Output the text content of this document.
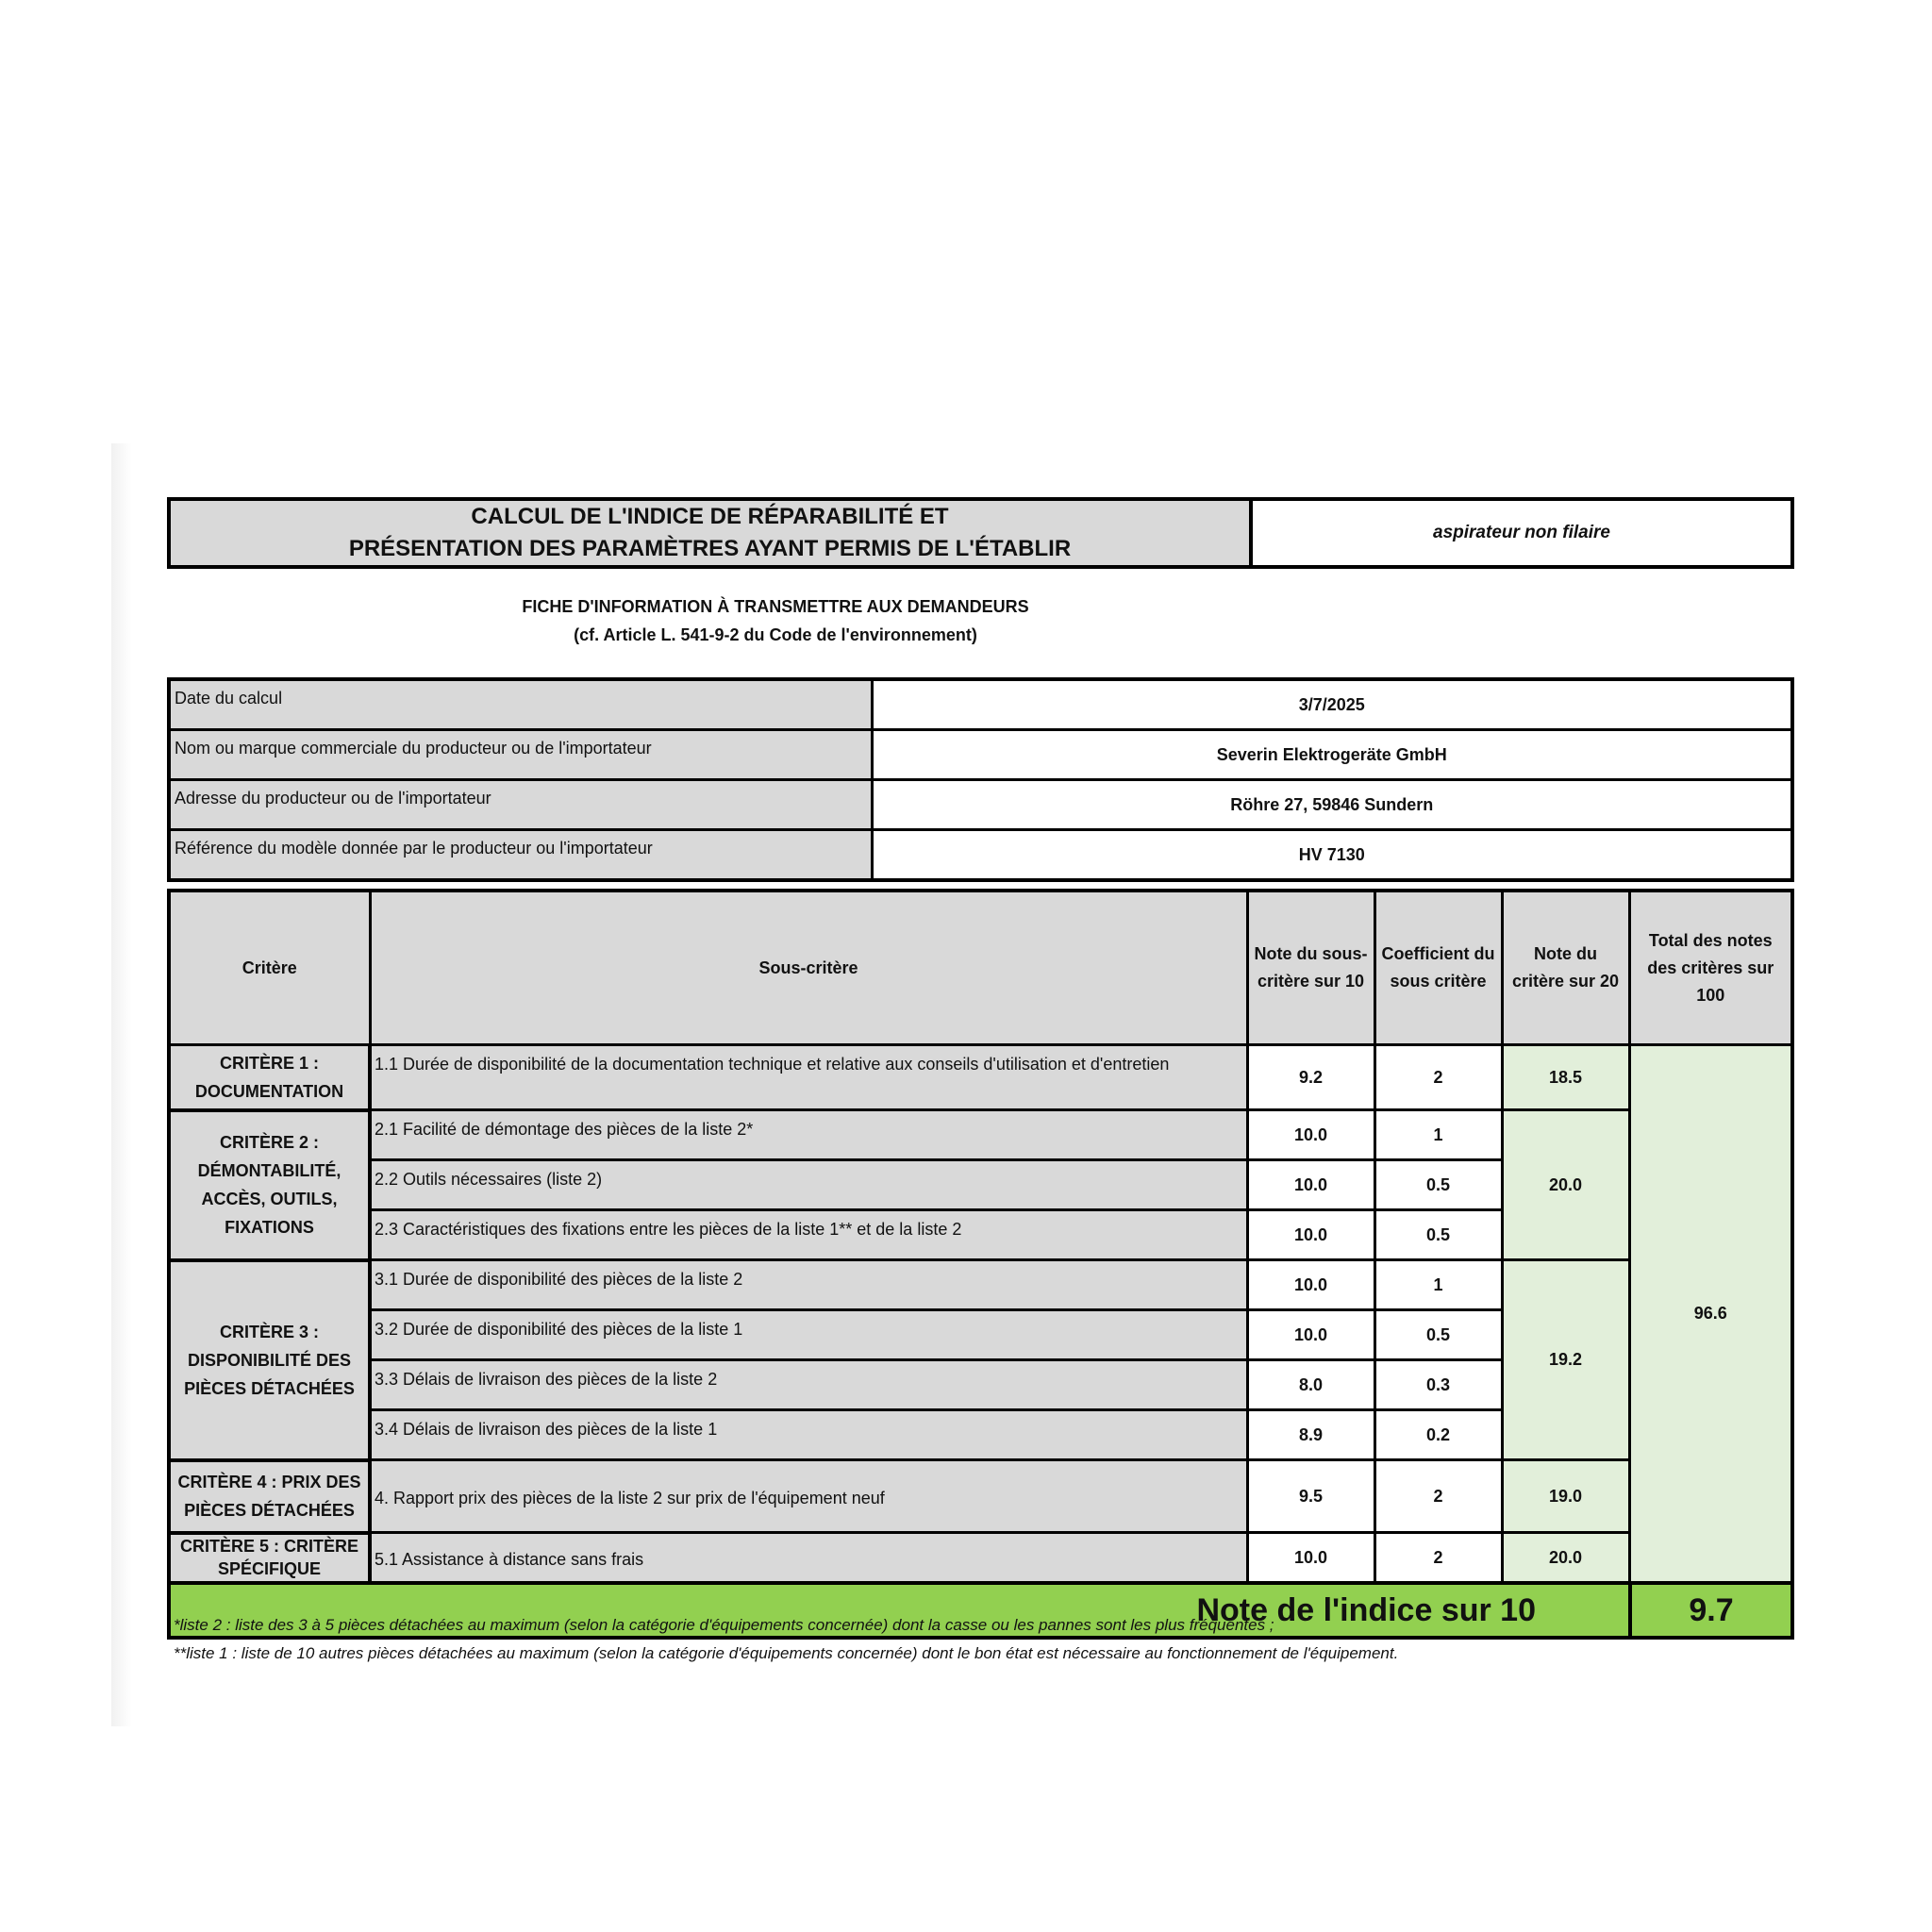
CALCUL DE L'INDICE DE RÉPARABILITÉ ET
PRÉSENTATION DES PARAMÈTRES AYANT PERMIS DE L'ÉTABLIR
aspirateur non filaire
FICHE D'INFORMATION À TRANSMETTRE AUX DEMANDEURS
(cf. Article L. 541-9-2 du Code de l'environnement)
Date du calcul	3/7/2025
Nom ou marque commerciale du producteur ou de l'importateur	Severin Elektrogeräte GmbH
Adresse du producteur ou de l'importateur	Röhre 27, 59846 Sundern
Référence du modèle donnée par le producteur ou l'importateur	HV 7130
Critère	Sous-critère	Note du sous-critère sur 10	Coefficient du sous critère	Note du critère sur 20	Total des notes des critères sur 100
CRITÈRE 1 : DOCUMENTATION	1.1 Durée de disponibilité de la documentation technique et relative aux conseils d'utilisation et d'entretien	9.2	2	18.5	96.6
CRITÈRE 2 : DÉMONTABILITÉ, ACCÈS, OUTILS, FIXATIONS	2.1 Facilité de démontage des pièces de la liste 2*	10.0	1	20.0	
	2.2 Outils nécessaires (liste 2)	10.0	0.5		
	2.3 Caractéristiques des fixations entre les pièces de la liste 1** et de la liste 2	10.0	0.5		
CRITÈRE 3 : DISPONIBILITÉ DES PIÈCES DÉTACHÉES	3.1 Durée de disponibilité des pièces de la liste 2	10.0	1	19.2	
	3.2 Durée de disponibilité des pièces de la liste 1	10.0	0.5		
	3.3 Délais de livraison des pièces de la liste 2	8.0	0.3		
	3.4 Délais de livraison des pièces de la liste 1	8.9	0.2		
CRITÈRE 4 : PRIX DES PIÈCES DÉTACHÉES	4. Rapport prix des pièces de la liste 2 sur prix de l'équipement neuf	9.5	2	19.0	

CRITÈRE 5 : CRITÈRE SPÉCIFIQUE	5.1 Assistance à distance sans frais	10.0	2	20.0	
Note de l'indice sur 10	9.7
*liste 2 : liste des 3 à 5 pièces détachées au maximum (selon la catégorie d'équipements concernée) dont la casse ou les pannes sont les plus fréquentes ;
**liste 1 : liste de 10 autres pièces détachées au maximum (selon la catégorie d'équipements concernée) dont le bon état est nécessaire au fonctionnement de l'équipement.
